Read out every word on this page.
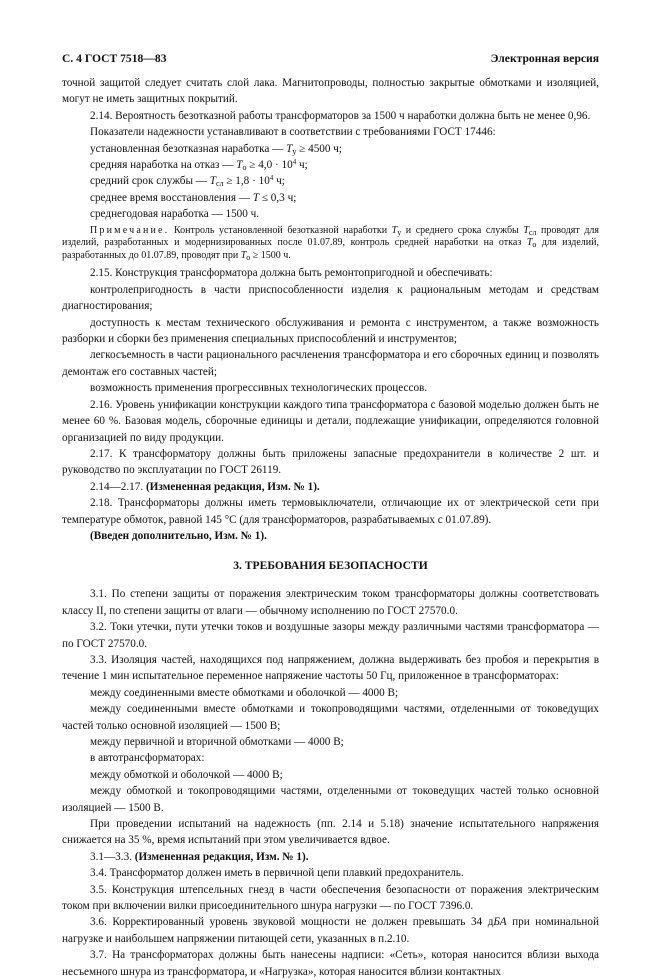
С. 4 ГОСТ 7518—83	Электронная версия

точной защитой следует считать слой лака. Магнитопроводы, полностью закрытые обмотками и изоляцией, могут не иметь защитных покрытий.

2.14. Вероятность безотказной работы трансформаторов за 1500 ч наработки должна быть не менее 0,96.

Показатели надежности устанавливают в соответствии с требованиями ГОСТ 17446:

установленная безотказная наработка — $T_у \ge 4500$ ч;

средняя наработка на отказ — $T_о \ge 4,0 \cdot 10^4$ ч;

средний срок службы — $T_{сл} \ge 1,8 \cdot 10^4$ ч;

среднее время восстановления — T ≤ 0,3 ч;

среднегодовая наработка — 1500 ч.

Примечание. Контроль установленной безотказной наработки $T_у$ и среднего срока службы $T_{сл}$ проводят для изделий, разработанных и модернизированных после 01.07.89, контроль средней наработки на отказ $T_о$ для изделий, разработанных до 01.07.89, проводят при $T_о \ge 1500$ ч.

2.15. Конструкция трансформатора должна быть ремонтопригодной и обеспечивать:

контролепригодность в части приспособленности изделия к рациональным методам и средствам диагностирования;

доступность к местам технического обслуживания и ремонта с инструментом, а также возможность разборки и сборки без применения специальных приспособлений и инструментов;

легкосъемность в части рационального расчленения трансформатора и его сборочных единиц и позволять демонтаж его составных частей;

возможность применения прогрессивных технологических процессов.

2.16. Уровень унификации конструкции каждого типа трансформатора с базовой моделью должен быть не менее 60 %. Базовая модель, сборочные единицы и детали, подлежащие унификации, определяются головной организацией по виду продукции.

2.17. К трансформатору должны быть приложены запасные предохранители в количестве 2 шт. и руководство по эксплуатации по ГОСТ 26119.

2.14—2.17. (Измененная редакция, Изм. № 1).

2.18. Трансформаторы должны иметь термовыключатели, отличающие их от электрической сети при температуре обмоток, равной 145 °С (для трансформаторов, разрабатываемых с 01.07.89).

(Введен дополнительно, Изм. № 1).

3. ТРЕБОВАНИЯ БЕЗОПАСНОСТИ

3.1. По степени защиты от поражения электрическим током трансформаторы должны соответствовать классу II, по степени защиты от влаги — обычному исполнению по ГОСТ 27570.0.

3.2. Токи утечки, пути утечки токов и воздушные зазоры между различными частями трансформатора — по ГОСТ 27570.0.

3.3. Изоляция частей, находящихся под напряжением, должна выдерживать без пробоя и перекрытия в течение 1 мин испытательное переменное напряжение частоты 50 Гц, приложенное в трансформаторах:

между соединенными вместе обмотками и оболочкой — 4000 В;

между соединенными вместе обмотками и токопроводящими частями, отделенными от токоведущих частей только основной изоляцией — 1500 В;

между первичной и вторичной обмотками — 4000 В;

в автотрансформаторах:

между обмоткой и оболочкой — 4000 В;

между обмоткой и токопроводящими частями, отделенными от токоведущих частей только основной изоляцией — 1500 В.

При проведении испытаний на надежность (пп. 2.14 и 5.18) значение испытательного напряжения снижается на 35 %, время испытаний при этом увеличивается вдвое.

3.1—3.3. (Измененная редакция, Изм. № 1).

3.4. Трансформатор должен иметь в первичной цепи плавкий предохранитель.

3.5. Конструкция штепсельных гнезд в части обеспечения безопасности от поражения электрическим током при включении вилки присоединительного шнура нагрузки — по ГОСТ 7396.0.

3.6. Корректированный уровень звуковой мощности не должен превышать 34 дБА при номинальной нагрузке и наибольшем напряжении питающей сети, указанных в п.2.10.

3.7. На трансформаторах должны быть нанесены надписи: «Сеть», которая наносится вблизи выхода несъемного шнура из трансформатора, и «Нагрузка», которая наносится вблизи контактных
